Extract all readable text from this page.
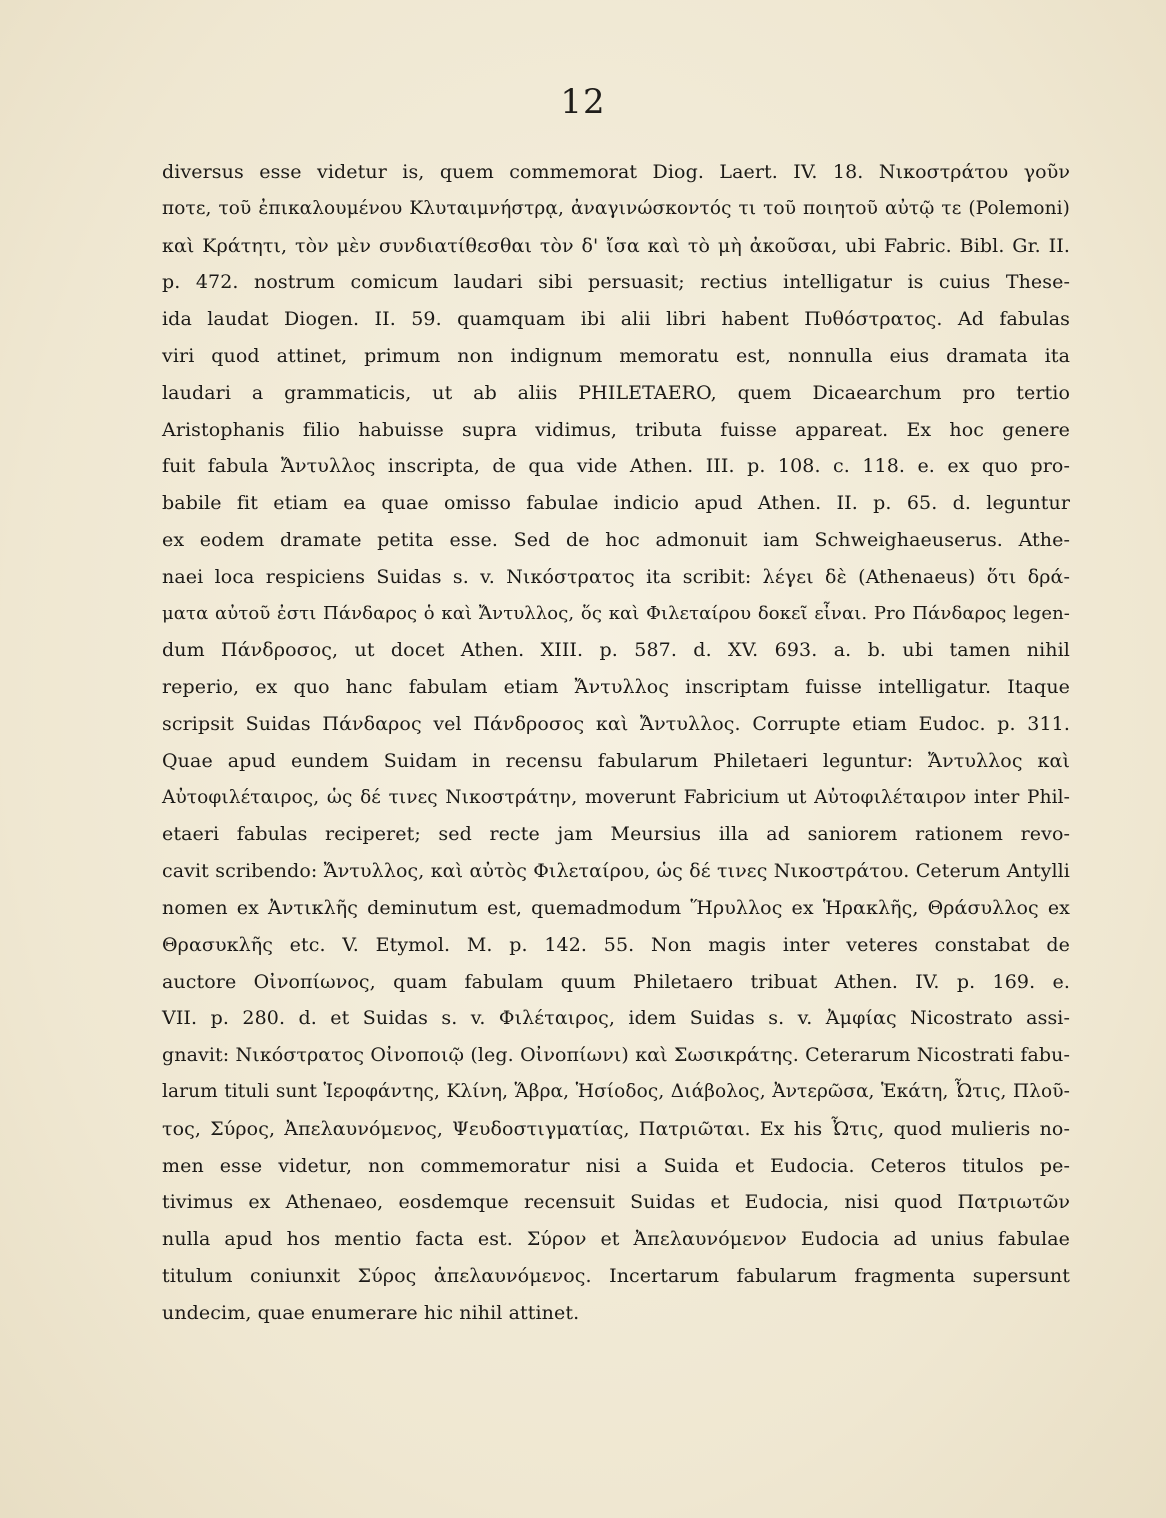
12
diversus esse videtur is, quem commemorat Diog. Laert. IV. 18. Νικοστράτου γοῦν
ποτε, τοῦ ἐπικαλουμένου Κλυταιμνήστρᾳ, ἀναγινώσκοντός τι τοῦ ποιητοῦ αὐτῷ τε (Polemoni)
καὶ Κράτητι, τὸν μὲν συνδιατίθεσθαι τὸν δ' ἴσα καὶ τὸ μὴ ἀκοῦσαι, ubi Fabric. Bibl. Gr. II.
p. 472. nostrum comicum laudari sibi persuasit; rectius intelligatur is cuius Thesе-
ida laudat Diogen. II. 59. quamquam ibi alii libri habent Πυθόστρατος. Ad fabulas
viri quod attinet, primum non indignum memoratu est, nonnulla eius dramata ita
laudari a grammaticis, ut ab aliis PHILETAERO, quem Dicaearchum pro tertio
Aristophanis filio habuisse supra vidimus, tributa fuisse appareat. Ex hoc genere
fuit fabula Ἄντυλλος inscripta, de qua vide Athen. III. p. 108. c. 118. e. ex quo pro-
babile fit etiam ea quae omisso fabulae indicio apud Athen. II. p. 65. d. leguntur
ex eodem dramate petita esse. Sed de hoc admonuit iam Schweighaeuserus. Athe-
naei loca respiciens Suidas s. v. Νικόστρατος ita scribit: λέγει δὲ (Athenaeus) ὅτι δρά-
ματα αὐτοῦ ἐστι Πάνδαρος ὁ καὶ Ἄντυλλος, ὅς καὶ Φιλεταίρου δοκεῖ εἶναι. Pro Πάνδαρος legen-
dum Πάνδροσος, ut docet Athen. XIII. p. 587. d. XV. 693. a. b. ubi tamen nihil
reperio, ex quo hanc fabulam etiam Ἄντυλλος inscriptam fuisse intelligatur. Itaque
scripsit Suidas Πάνδαρος vel Πάνδροσος καὶ Ἄντυλλος. Corrupte etiam Eudoc. p. 311.
Quae apud eundem Suidam in recensu fabularum Philetaeri leguntur: Ἄντυλλος καὶ
Αὐτοφιλέταιρος, ὡς δέ τινες Νικοστράτην, moverunt Fabricium ut Αὐτοφιλέταιρον inter Phil-
etaeri fabulas reciperet; sed recte jam Meursius illa ad saniorem rationem revo-
cavit scribendo: Ἄντυλλος, καὶ αὐτὸς Φιλεταίρου, ὡς δέ τινες Νικοστράτου. Ceterum Antylli
nomen ex Ἀντικλῆς deminutum est, quemadmodum Ἥρυλλος ex Ἡρακλῆς, Θράσυλλος ex
Θρασυκλῆς etc. V. Etymol. M. p. 142. 55. Non magis inter veteres constabat de
auctore Οἰνοπίωνος, quam fabulam quum Philetaero tribuat Athen. IV. p. 169. e.
VII. p. 280. d. et Suidas s. v. Φιλέταιρος, idem Suidas s. v. Ἀμφίας Nicostrato assi-
gnavit: Νικόστρατος Οἰνοποιῷ (leg. Οἰνοπίωνι) καὶ Σωσικράτης. Ceterarum Nicostrati fabu-
larum tituli sunt Ἱεροφάντης, Κλίνη, Ἅβρα, Ἡσίοδος, Διάβολος, Ἀντερῶσα, Ἑκάτη, Ὦτις, Πλοῦ-
τος, Σύρος, Ἀπελαυνόμενος, Ψευδοστιγματίας, Πατριῶται. Ex his Ὦτις, quod mulieris no-
men esse videtur, non commemoratur nisi a Suida et Eudocia. Ceteros titulos pe-
tivimus ex Athenaeo, eosdemque recensuit Suidas et Eudocia, nisi quod Πατριωτῶν
nulla apud hos mentio facta est. Σύρον et Ἀπελαυνόμενον Eudocia ad unius fabulae
titulum coniunxit Σύρος ἀπελαυνόμενος. Incertarum fabularum fragmenta supersunt
undecim, quae enumerare hic nihil attinet.
